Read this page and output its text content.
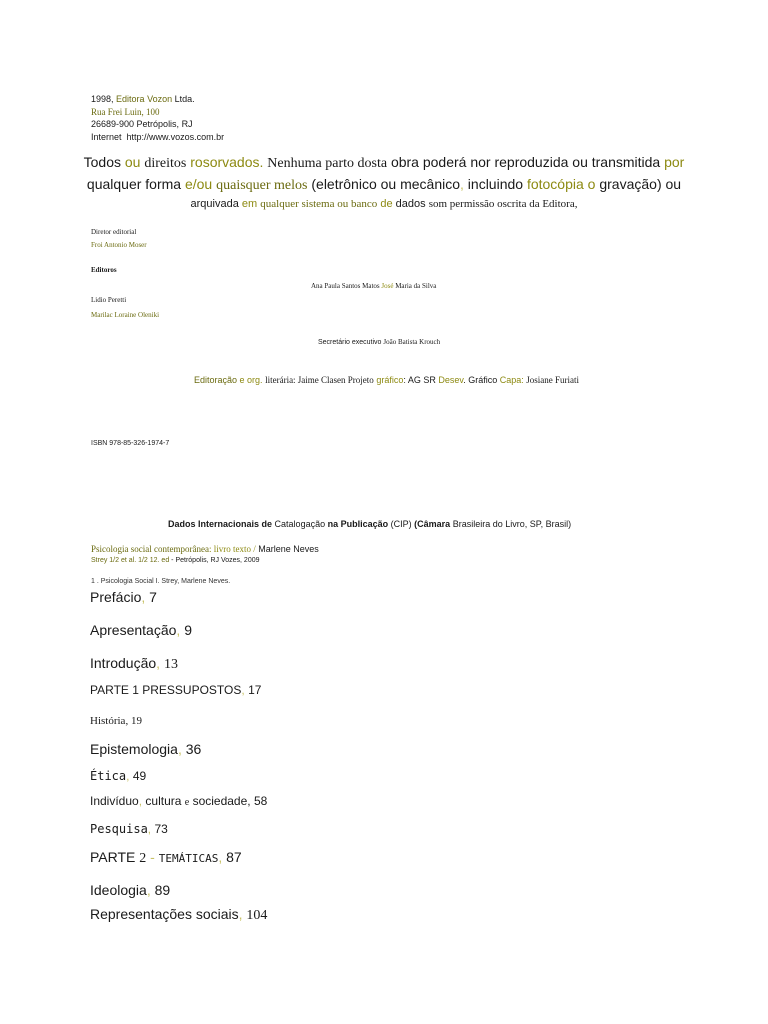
1998, Editora Vozon Ltda.
Rua Frei Luin, 100
26689-900 Petrópolis, RJ
Internet http://www.vozos.com.br
Todos ou direitos rosorvados. Nenhuma parto dosta obra poderá nor reproduzida ou transmitida por
qualquer forma e/ou quaisquer melos (eletrônico ou mecânico, incluindo fotocópia o gravação) ou
arquivada em qualquer sistema ou banco de dados som permissão oscrita da Editora,
Diretor editorial
Froi Antonio Moser
Editoros
Ana Paula Santos Matos José Maria da Silva
Lidio Peretti
Marilac Loraine Oleniki
Secretário executivo João Batista Krouch
Editoração e org. literária: Jaime Clasen Projeto gráfico: AG SR Desev. Gráfico Capa: Josiane Furiati
ISBN 978-85-326-1974-7
Dados Internacionais de Catalogação na Publicação (CIP) (Câmara Brasileira do Livro, SP, Brasil)
Psicologia social contemporânea: livro texto / Marlene Neves
Strey 1/2 et al. 1/2 12. ed - Petrópolis, RJ Vozes, 2009
1 . Psicologia Social I. Strey, Marlene Neves.
Prefácio, 7
Apresentação, 9
Introdução, 13
PARTE 1 PRESSUPOSTOS, 17
História, 19
Epistemologia, 36
Ética, 49
Indivíduo, cultura e sociedade, 58
Pesquisa, 73
PARTE 2 - TEMÁTICAS, 87
Ideologia, 89
Representações sociais, 104
